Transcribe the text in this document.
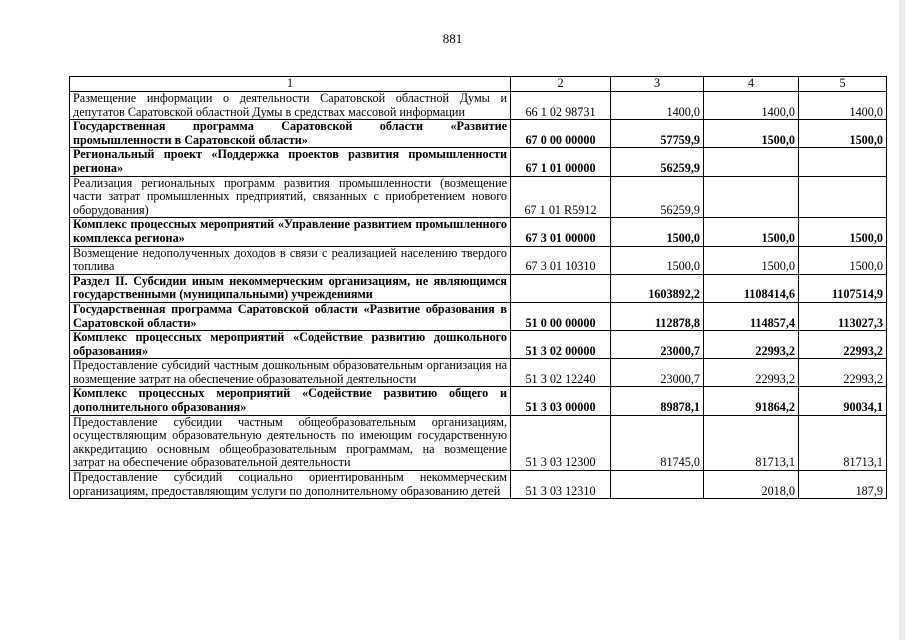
881
1	2	3	4	5
Размещение информации о деятельности Саратовской областной Думы и депутатов Саратовской областной Думы в средствах массовой информации	66 1 02 98731	1400,0	1400,0	1400,0
Государственная программа Саратовской области «Развитие промышленности в Саратовской области»	67 0 00 00000	57759,9	1500,0	1500,0
Региональный проект «Поддержка проектов развития промышленности региона»	67 1 01 00000	56259,9		
Реализация региональных программ развития промышленности (возмещение части затрат промышленных предприятий, связанных с приобретением нового оборудования)	67 1 01 R5912	56259,9		
Комплекс процессных мероприятий «Управление развитием промышленного комплекса региона»	67 3 01 00000	1500,0	1500,0	1500,0
Возмещение недополученных доходов в связи с реализацией населению твердого топлива	67 3 01 10310	1500,0	1500,0	1500,0
Раздел II. Субсидии иным некоммерческим организациям, не являющимся государственными (муниципальными) учреждениями		1603892,2	1108414,6	1107514,9
Государственная программа Саратовской области «Развитие образования в Саратовской области»	51 0 00 00000	112878,8	114857,4	113027,3
Комплекс процессных мероприятий «Содействие развитию дошкольного образования»	51 3 02 00000	23000,7	22993,2	22993,2
Предоставление субсидий частным дошкольным образовательным организация на возмещение затрат на обеспечение образовательной деятельности	51 3 02 12240	23000,7	22993,2	22993,2
Комплекс процессных мероприятий «Содействие развитию общего и дополнительного образования»	51 3 03 00000	89878,1	91864,2	90034,1
Предоставление субсидии частным общеобразовательным организациям, осуществляющим образовательную деятельность по имеющим государственную аккредитацию основным общеобразовательным программам, на возмещение затрат на обеспечение образовательной деятельности	51 3 03 12300	81745,0	81713,1	81713,1
Предоставление субсидий социально ориентированным некоммерческим организациям, предоставляющим услуги по дополнительному образованию детей	51 3 03 12310		2018,0	187,9
